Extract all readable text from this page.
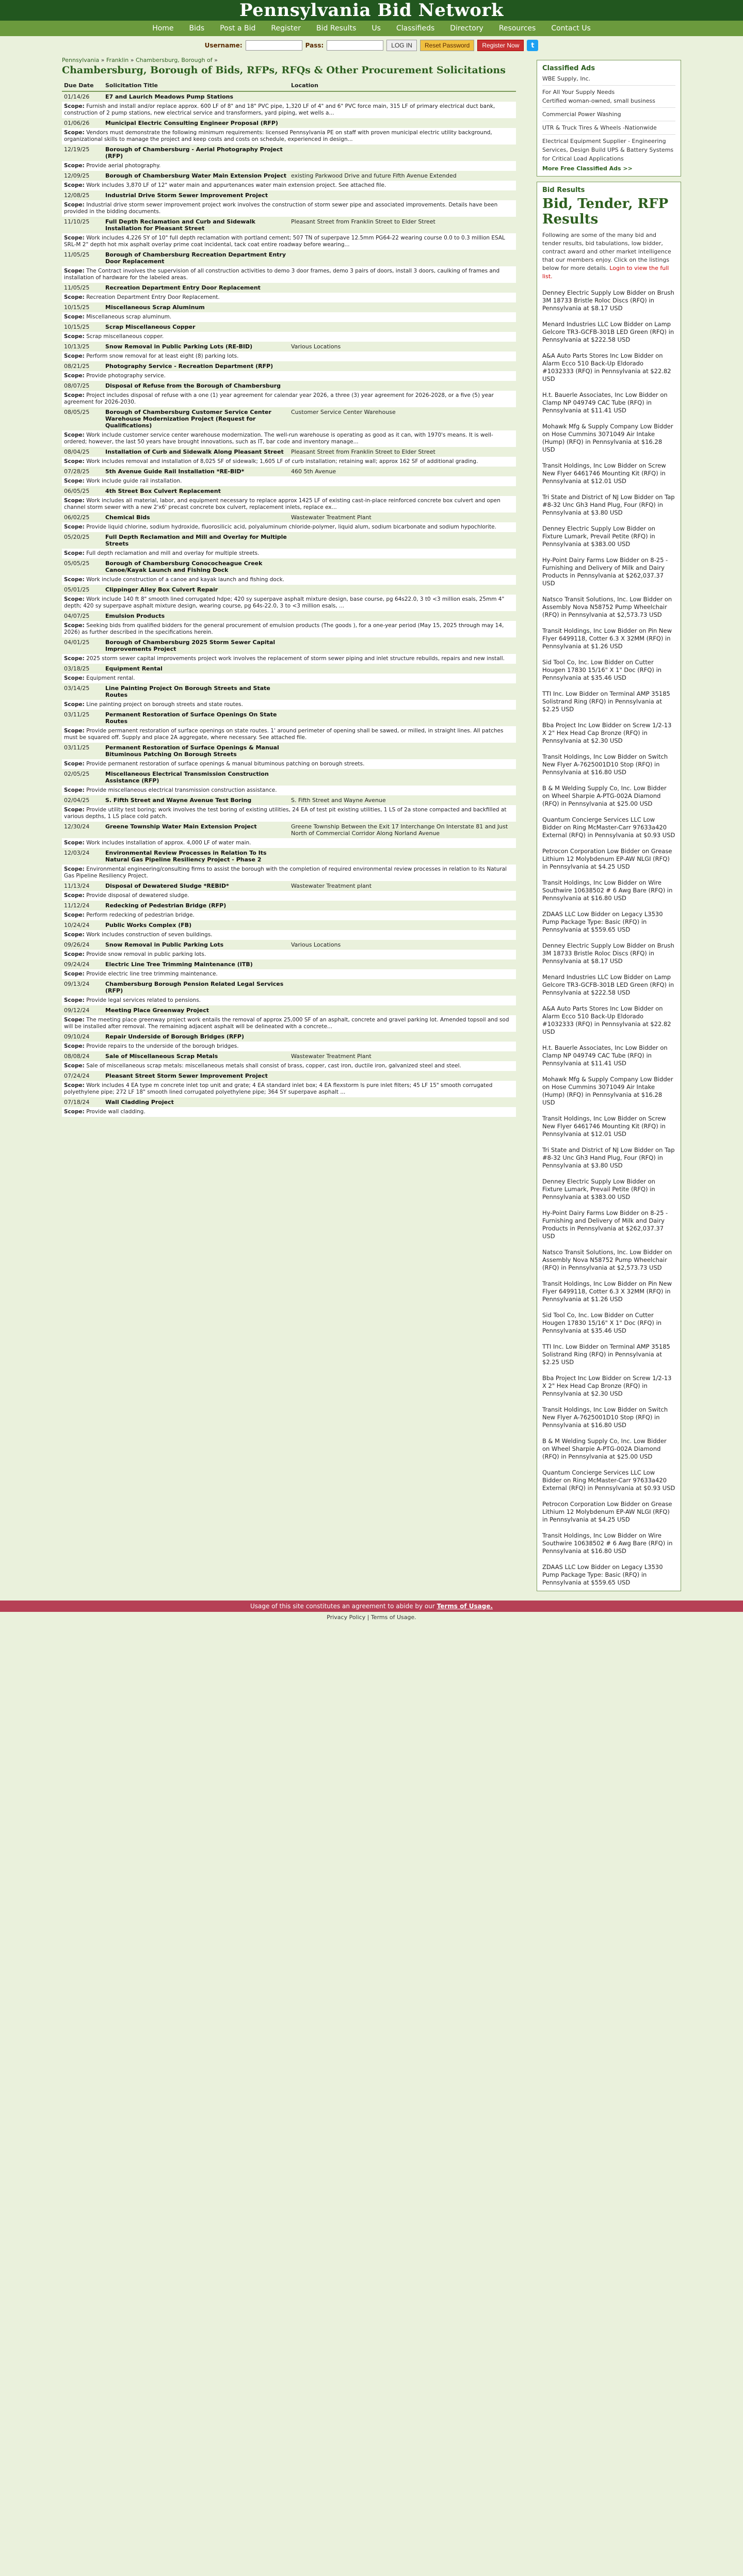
Pennsylvania Bid Network
Home	Bids	Post a Bid	Register	Bid Results	Us	Classifieds	Directory	Resources	Contact Us
Username:	Pass:	LOG IN	Reset Password	Register Now	t
Pennsylvania » Franklin » Chambersburg, Borough of »
Chambersburg, Borough of Bids, RFPs, RFQs & Other Procurement Solicitations
Due Date	Solicitation Title	Location
01/14/26	E7 and Laurich Meadows Pump Stations	
Scope: Furnish and install and/or replace approx. 600 LF of 8" and 18" PVC pipe, 1,320 LF of 4" and 6" PVC force main, 315 LF of primary electrical duct bank, construction of 2 pump stations, new electrical service and transformers, yard piping, wet wells a...		
01/06/26	Municipal Electric Consulting Engineer Proposal (RFP)	
Scope: Vendors must demonstrate the following minimum requirements: licensed Pennsylvania PE on staff with proven municipal electric utility background, organizational skills to manage the project and keep costs and costs on schedule, experienced in design...		
12/19/25	Borough of Chambersburg - Aerial Photography Project (RFP)	
Scope: Provide aerial photography.		
12/09/25	Borough of Chambersburg Water Main Extension Project	existing Parkwood Drive and future Fifth Avenue Extended
Scope: Work includes 3,870 LF of 12" water main and appurtenances water main extension project. See attached file.		
12/08/25	Industrial Drive Storm Sewer Improvement Project	
Scope: Industrial drive storm sewer improvement project work involves the construction of storm sewer pipe and associated improvements. Details have been provided in the bidding documents.		
11/10/25	Full Depth Reclamation and Curb and Sidewalk Installation for Pleasant Street	Pleasant Street from Franklin Street to Elder Street
Scope: Work includes 4,226 SY of 10" full depth reclamation with portland cement; 507 TN of superpave 12.5mm PG64-22 wearing course 0.0 to 0.3 million ESAL SRL-M 2" depth hot mix asphalt overlay prime coat incidental, tack coat entire roadway before wearing...		
11/05/25	Borough of Chambersburg Recreation Department Entry Door Replacement	
Scope: The Contract involves the supervision of all construction activities to demo 3 door frames, demo 3 pairs of doors, install 3 doors, caulking of frames and installation of hardware for the labeled areas.		
11/05/25	Recreation Department Entry Door Replacement	
Scope: Recreation Department Entry Door Replacement.		
10/15/25	Miscellaneous Scrap Aluminum	
Scope: Miscellaneous scrap aluminum.		
10/15/25	Scrap Miscellaneous Copper	
Scope: Scrap miscellaneous copper.		
10/13/25	Snow Removal in Public Parking Lots (RE-BID)	Various Locations
Scope: Perform snow removal for at least eight (8) parking lots.		
08/21/25	Photography Service - Recreation Department (RFP)	
Scope: Provide photography service.		
08/07/25	Disposal of Refuse from the Borough of Chambersburg	
Scope: Project includes disposal of refuse with a one (1) year agreement for calendar year 2026, a three (3) year agreement for 2026-2028, or a five (5) year agreement for 2026-2030.		
08/05/25	Borough of Chambersburg Customer Service Center Warehouse Modernization Project (Request for Qualifications)	Customer Service Center Warehouse
Scope: Work include customer service center warehouse modernization. The well-run warehouse is operating as good as it can, with 1970's means. It is well-ordered; however, the last 50 years have brought innovations, such as IT, bar code and inventory manage...		
08/04/25	Installation of Curb and Sidewalk Along Pleasant Street	Pleasant Street from Franklin Street to Elder Street
Scope: Work includes removal and installation of 8,025 SF of sidewalk; 1,605 LF of curb installation; retaining wall; approx 162 SF of additional grading.		
07/28/25	5th Avenue Guide Rail Installation *RE-BID*	460 5th Avenue
Scope: Work include guide rail installation.		
06/05/25	4th Street Box Culvert Replacement	
Scope: Work includes all material, labor, and equipment necessary to replace approx 1425 LF of existing cast-in-place reinforced concrete box culvert and open channel storm sewer with a new 2'x6' precast concrete box culvert, replacement inlets, replace ex...		
06/02/25	Chemical Bids	Wastewater Treatment Plant
Scope: Provide liquid chlorine, sodium hydroxide, fluorosilicic acid, polyaluminum chloride-polymer, liquid alum, sodium bicarbonate and sodium hypochlorite.		
05/20/25	Full Depth Reclamation and Mill and Overlay for Multiple Streets	
Scope: Full depth reclamation and mill and overlay for multiple streets.		
05/05/25	Borough of Chambersburg Conococheague Creek Canoe/Kayak Launch and Fishing Dock	
Scope: Work include construction of a canoe and kayak launch and fishing dock.		
05/01/25	Clippinger Alley Box Culvert Repair	
Scope: Work include 140 ft 8" smooth lined corrugated hdpe; 420 sy superpave asphalt mixture design, base course, pg 64s22.0, 3 t0 <3 million esals, 25mm 4" depth; 420 sy superpave asphalt mixture design, wearing course, pg 64s-22.0, 3 to <3 million esals, ...		
04/07/25	Emulsion Products	
Scope: Seeking bids from qualified bidders for the general procurement of emulsion products (The goods ), for a one-year period (May 15, 2025 through may 14, 2026) as further described in the specifications herein.		
04/01/25	Borough of Chambersburg 2025 Storm Sewer Capital Improvements Project	
Scope: 2025 storm sewer capital improvements project work involves the replacement of storm sewer piping and inlet structure rebuilds, repairs and new install.		
03/18/25	Equipment Rental	
Scope: Equipment rental.		
03/14/25	Line Painting Project On Borough Streets and State Routes	
Scope: Line painting project on borough streets and state routes.		
03/11/25	Permanent Restoration of Surface Openings On State Routes	
Scope: Provide permanent restoration of surface openings on state routes. 1' around perimeter of opening shall be sawed, or milled, in straight lines. All patches must be squared off. Supply and place 2A aggregate, where necessary. See attached file.		
03/11/25	Permanent Restoration of Surface Openings & Manual Bituminous Patching On Borough Streets	
Scope: Provide permanent restoration of surface openings & manual bituminous patching on borough streets.		
02/05/25	Miscellaneous Electrical Transmission Construction Assistance (RFP)	
Scope: Provide miscellaneous electrical transmission construction assistance.		
02/04/25	S. Fifth Street and Wayne Avenue Test Boring	S. Fifth Street and Wayne Avenue
Scope: Provide utility test boring; work involves the test boring of existing utilities, 24 EA of test pit existing utilities, 1 LS of 2a stone compacted and backfilled at various depths, 1 LS place cold patch.		
12/30/24	Greene Township Water Main Extension Project	Greene Township Between the Exit 17 Interchange On Interstate 81 and Just North of Commercial Corridor Along Norland Avenue
Scope: Work includes installation of approx. 4,000 LF of water main.		
12/03/24	Environmental Review Processes in Relation To Its Natural Gas Pipeline Resiliency Project - Phase 2	
Scope: Environmental engineering/consulting firms to assist the borough with the completion of required environmental review processes in relation to its Natural Gas Pipeline Resiliency Project.		
11/13/24	Disposal of Dewatered Sludge *REBID*	Wastewater Treatment plant
Scope: Provide disposal of dewatered sludge.		
11/12/24	Redecking of Pedestrian Bridge (RFP)	
Scope: Perform redecking of pedestrian bridge.		
10/24/24	Public Works Complex (FB)	
Scope: Work includes construction of seven buildings.		
09/26/24	Snow Removal in Public Parking Lots	Various Locations
Scope: Provide snow removal in public parking lots.		
09/24/24	Electric Line Tree Trimming Maintenance (ITB)	
Scope: Provide electric line tree trimming maintenance.		
09/13/24	Chambersburg Borough Pension Related Legal Services (RFP)	
Scope: Provide legal services related to pensions.		
09/12/24	Meeting Place Greenway Project	
Scope: The meeting place greenway project work entails the removal of approx 25,000 SF of an asphalt, concrete and gravel parking lot. Amended topsoil and sod will be installed after removal. The remaining adjacent asphalt will be delineated with a concrete...		
09/10/24	Repair Underside of Borough Bridges (RFP)	
Scope: Provide repairs to the underside of the borough bridges.		
08/08/24	Sale of Miscellaneous Scrap Metals	Wastewater Treatment Plant
Scope: Sale of miscellaneous scrap metals: miscellaneous metals shall consist of brass, copper, cast iron, ductile iron, galvanized steel and steel.		
07/24/24	Pleasant Street Storm Sewer Improvement Project	
Scope: Work includes 4 EA type m concrete inlet top unit and grate; 4 EA standard inlet box; 4 EA flexstorm ls pure inlet filters; 45 LF 15" smooth corrugated polyethylene pipe; 272 LF 18" smooth lined corrugated polyethylene pipe; 364 SY superpave asphalt ...		
07/18/24	Wall Cladding Project	
Scope: Provide wall cladding.		
Classified Ads
WBE Supply, Inc.
For All Your Supply Needs
Certified woman-owned, small business
Commercial Power Washing
UTR & Truck Tires & Wheels -Nationwide
Electrical Equipment Supplier - Engineering Services, Design Build UPS & Battery Systems for Critical Load Applications
More Free Classified Ads >>
Bid Results
Bid, Tender, RFP Results

Following are some of the many bid and tender results, bid tabulations, low bidder, contract award and other market intelligence that our members enjoy. Click on the listings below for more details. Login to view the full list.

Denney Electric Supply Low Bidder on Brush 3M 18733 Bristle Roloc Discs (RFQ) in Pennsylvania at $8.17 USD
Menard Industries LLC Low Bidder on Lamp Gelcore TR3-GCFB-301B LED Green (RFQ) in Pennsylvania at $222.58 USD
A&A Auto Parts Stores Inc Low Bidder on Alarm Ecco 510 Back-Up Eldorado #1032333 (RFQ) in Pennsylvania at $22.82 USD
H.t. Bauerle Associates, Inc Low Bidder on Clamp NP 049749 CAC Tube (RFQ) in Pennsylvania at $11.41 USD
Mohawk Mfg & Supply Company Low Bidder on Hose Cummins 3071049 Air Intake (Hump) (RFQ) in Pennsylvania at $16.28 USD
Transit Holdings, Inc Low Bidder on Screw New Flyer 6461746 Mounting Kit (RFQ) in Pennsylvania at $12.01 USD
Tri State and District of NJ Low Bidder on Tap #8-32 Unc Gh3 Hand Plug, Four (RFQ) in Pennsylvania at $3.80 USD
Denney Electric Supply Low Bidder on Fixture Lumark, Prevail Petite (RFQ) in Pennsylvania at $383.00 USD
Hy-Point Dairy Farms Low Bidder on 8-25 - Furnishing and Delivery of Milk and Dairy Products in Pennsylvania at $262,037.37 USD
Natsco Transit Solutions, Inc. Low Bidder on Assembly Nova N58752 Pump Wheelchair (RFQ) in Pennsylvania at $2,573.73 USD
Transit Holdings, Inc Low Bidder on Pin New Flyer 6499118, Cotter 6.3 X 32MM (RFQ) in Pennsylvania at $1.26 USD
Sid Tool Co, Inc. Low Bidder on Cutter Hougen 17830 15/16" X 1" Doc (RFQ) in Pennsylvania at $35.46 USD
TTI Inc. Low Bidder on Terminal AMP 35185 Solistrand Ring (RFQ) in Pennsylvania at $2.25 USD
Bba Project Inc Low Bidder on Screw 1/2-13 X 2" Hex Head Cap Bronze (RFQ) in Pennsylvania at $2.30 USD
Transit Holdings, Inc Low Bidder on Switch New Flyer A-7625001D10 Stop (RFQ) in Pennsylvania at $16.80 USD
B & M Welding Supply Co, Inc. Low Bidder on Wheel Sharpie A-PTG-002A Diamond (RFQ) in Pennsylvania at $25.00 USD
Quantum Concierge Services LLC Low Bidder on Ring McMaster-Carr 97633a420 External (RFQ) in Pennsylvania at $0.93 USD
Petrocon Corporation Low Bidder on Grease Lithium 12 Molybdenum EP-AW NLGI (RFQ) in Pennsylvania at $4.25 USD
Transit Holdings, Inc Low Bidder on Wire Southwire 10638502 # 6 Awg Bare (RFQ) in Pennsylvania at $16.80 USD
ZDAAS LLC Low Bidder on Legacy L3530 Pump Package Type: Basic (RFQ) in Pennsylvania at $559.65 USD
Denney Electric Supply Low Bidder on Brush 3M 18733 Bristle Roloc Discs (RFQ) in Pennsylvania at $8.17 USD
Menard Industries LLC Low Bidder on Lamp Gelcore TR3-GCFB-301B LED Green (RFQ) in Pennsylvania at $222.58 USD
A&A Auto Parts Stores Inc Low Bidder on Alarm Ecco 510 Back-Up Eldorado #1032333 (RFQ) in Pennsylvania at $22.82 USD
H.t. Bauerle Associates, Inc Low Bidder on Clamp NP 049749 CAC Tube (RFQ) in Pennsylvania at $11.41 USD
Mohawk Mfg & Supply Company Low Bidder on Hose Cummins 3071049 Air Intake (Hump) (RFQ) in Pennsylvania at $16.28 USD
Transit Holdings, Inc Low Bidder on Screw New Flyer 6461746 Mounting Kit (RFQ) in Pennsylvania at $12.01 USD
Tri State and District of NJ Low Bidder on Tap #8-32 Unc Gh3 Hand Plug, Four (RFQ) in Pennsylvania at $3.80 USD
Denney Electric Supply Low Bidder on Fixture Lumark, Prevail Petite (RFQ) in Pennsylvania at $383.00 USD
Hy-Point Dairy Farms Low Bidder on 8-25 - Furnishing and Delivery of Milk and Dairy Products in Pennsylvania at $262,037.37 USD
Natsco Transit Solutions, Inc. Low Bidder on Assembly Nova N58752 Pump Wheelchair (RFQ) in Pennsylvania at $2,573.73 USD
Transit Holdings, Inc Low Bidder on Pin New Flyer 6499118, Cotter 6.3 X 32MM (RFQ) in Pennsylvania at $1.26 USD
Sid Tool Co, Inc. Low Bidder on Cutter Hougen 17830 15/16" X 1" Doc (RFQ) in Pennsylvania at $35.46 USD
TTI Inc. Low Bidder on Terminal AMP 35185 Solistrand Ring (RFQ) in Pennsylvania at $2.25 USD
Bba Project Inc Low Bidder on Screw 1/2-13 X 2" Hex Head Cap Bronze (RFQ) in Pennsylvania at $2.30 USD
Transit Holdings, Inc Low Bidder on Switch New Flyer A-7625001D10 Stop (RFQ) in Pennsylvania at $16.80 USD
B & M Welding Supply Co, Inc. Low Bidder on Wheel Sharpie A-PTG-002A Diamond (RFQ) in Pennsylvania at $25.00 USD
Quantum Concierge Services LLC Low Bidder on Ring McMaster-Carr 97633a420 External (RFQ) in Pennsylvania at $0.93 USD
Petrocon Corporation Low Bidder on Grease Lithium 12 Molybdenum EP-AW NLGI (RFQ) in Pennsylvania at $4.25 USD
Transit Holdings, Inc Low Bidder on Wire Southwire 10638502 # 6 Awg Bare (RFQ) in Pennsylvania at $16.80 USD
ZDAAS LLC Low Bidder on Legacy L3530 Pump Package Type: Basic (RFQ) in Pennsylvania at $559.65 USD
Usage of this site constitutes an agreement to abide by our Terms of Usage.
Privacy Policy | Terms of Usage.
